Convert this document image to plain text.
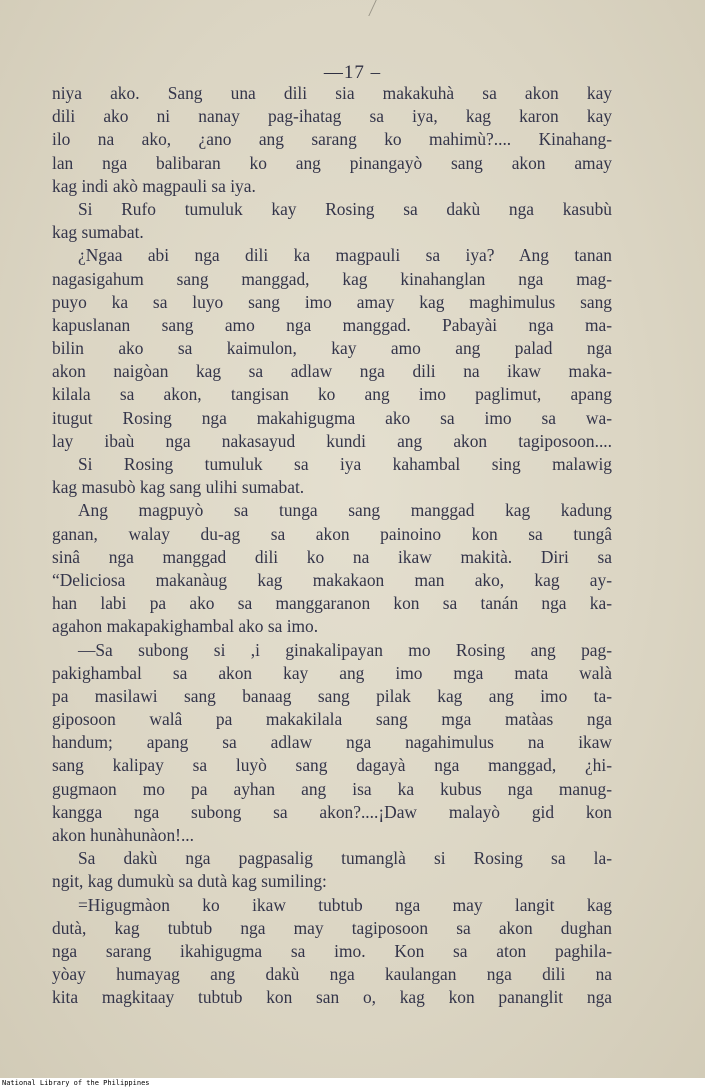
—17 –
niya ako. Sang una dili sia makakuhà sa akon kay
dili ako ni nanay pag-ihatag sa iya, kag karon kay
ilo na ako, ¿ano ang sarang ko mahimù?.... Kinahang-
lan nga balibaran ko ang pinangayò sang akon amay
kag indi akò magpauli sa iya.
Si Rufo tumuluk kay Rosing sa dakù nga kasubù
kag sumabat.
¿Ngaa abi nga dili ka magpauli sa iya? Ang tanan
nagasigahum sang manggad, kag kinahanglan nga mag-
puyo ka sa luyo sang imo amay kag maghimulus sang
kapuslanan sang amo nga manggad. Pabayài nga ma-
bilin ako sa kaimulon, kay amo ang palad nga
akon naigòan kag sa adlaw nga dili na ikaw maka-
kilala sa akon, tangisan ko ang imo paglimut, apang
itugut Rosing nga makahigugma ako sa imo sa wa-
lay ibaù nga nakasayud kundi ang akon tagiposoon....
Si Rosing tumuluk sa iya kahambal sing malawig
kag masubò kag sang ulihi sumabat.
Ang magpuyò sa tunga sang manggad kag kadung
ganan, walay du-ag sa akon painoino kon sa tungâ
sinâ nga manggad dili ko na ikaw makità. Diri sa
“Deliciosa makanàug kag makakaon man ako, kag ay-
han labi pa ako sa manggaranon kon sa tanán nga ka-
agahon makapakighambal ako sa imo.
—Sa subong si ,i ginakalipayan mo Rosing ang pag-
pakighambal sa akon kay ang imo mga mata walà
pa masilawi sang banaag sang pilak kag ang imo ta-
giposoon walâ pa makakilala sang mga matàas nga
handum; apang sa adlaw nga nagahimulus na ikaw
sang kalipay sa luyò sang dagayà nga manggad, ¿hi-
gugmaon mo pa ayhan ang isa ka kubus nga manug-
kangga nga subong sa akon?....¡Daw malayò gid kon
akon hunàhunàon!...
Sa dakù nga pagpasalig tumanglà si Rosing sa la-
ngit, kag dumukù sa dutà kag sumiling:
=Higugmàon ko ikaw tubtub nga may langit kag
dutà, kag tubtub nga may tagiposoon sa akon dughan
nga sarang ikahigugma sa imo. Kon sa aton paghila-
yòay humayag ang dakù nga kaulangan nga dili na
kita magkitaay tubtub kon san o, kag kon pananglit nga
National Library of the Philippines
